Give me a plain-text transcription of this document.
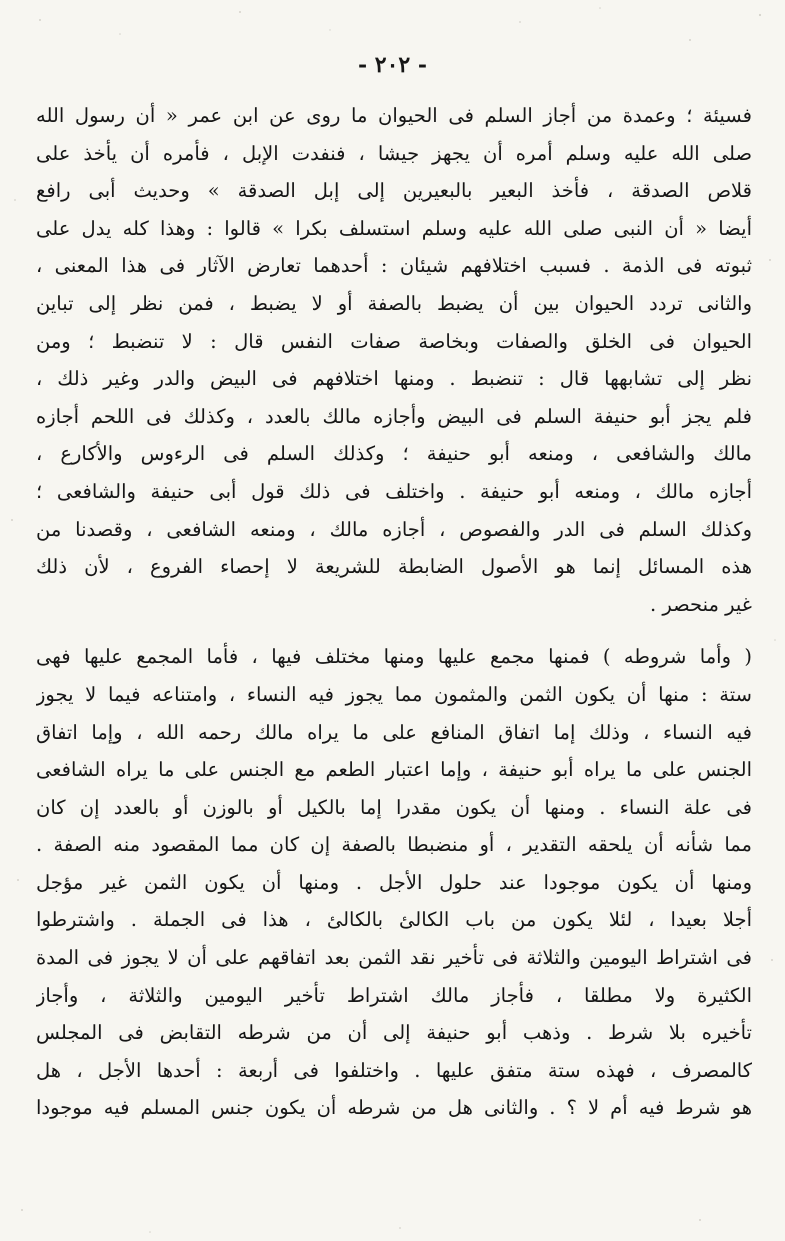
- ٢٠٢ -
فسيئة ؛ وعمدة من أجاز السلم فى الحيوان ما روى عن ابن عمر « أن رسول الله
صلى الله عليه وسلم أمره أن يجهز جيشا ، فنفدت الإبل ، فأمره أن يأخذ على
قلاص الصدقة ، فأخذ البعير بالبعيرين إلى إبل الصدقة » وحديث أبى رافع
أيضا « أن النبى صلى الله عليه وسلم استسلف بكرا » قالوا : وهذا كله يدل على
ثبوته فى الذمة . فسبب اختلافهم شيئان : أحدهما تعارض الآثار فى هذا المعنى ،
والثانى تردد الحيوان بين أن يضبط بالصفة أو لا يضبط ، فمن نظر إلى تباين
الحيوان فى الخلق والصفات وبخاصة صفات النفس قال : لا تنضبط ؛ ومن
نظر إلى تشابهها قال : تنضبط . ومنها اختلافهم فى البيض والدر وغير ذلك ،
فلم يجز أبو حنيفة السلم فى البيض وأجازه مالك بالعدد ، وكذلك فى اللحم أجازه
مالك والشافعى ، ومنعه أبو حنيفة ؛ وكذلك السلم فى الرءوس والأكارع ،
أجازه مالك ، ومنعه أبو حنيفة . واختلف فى ذلك قول أبى حنيفة والشافعى ؛
وكذلك السلم فى الدر والفصوص ، أجازه مالك ، ومنعه الشافعى ، وقصدنا من
هذه المسائل إنما هو الأصول الضابطة للشريعة لا إحصاء الفروع ، لأن ذلك
غير منحصر .
( وأما شروطه ) فمنها مجمع عليها ومنها مختلف فيها ، فأما المجمع عليها فهى
ستة : منها أن يكون الثمن والمثمون مما يجوز فيه النساء ، وامتناعه فيما لا يجوز
فيه النساء ، وذلك إما اتفاق المنافع على ما يراه مالك رحمه الله ، وإما اتفاق
الجنس على ما يراه أبو حنيفة ، وإما اعتبار الطعم مع الجنس على ما يراه الشافعى
فى علة النساء . ومنها أن يكون مقدرا إما بالكيل أو بالوزن أو بالعدد إن كان
مما شأنه أن يلحقه التقدير ، أو منضبطا بالصفة إن كان مما المقصود منه الصفة .
ومنها أن يكون موجودا عند حلول الأجل . ومنها أن يكون الثمن غير مؤجل
أجلا بعيدا ، لئلا يكون من باب الكالئ بالكالئ ، هذا فى الجملة . واشترطوا
فى اشتراط اليومين والثلاثة فى تأخير نقد الثمن بعد اتفاقهم على أن لا يجوز فى المدة
الكثيرة ولا مطلقا ، فأجاز مالك اشتراط تأخير اليومين والثلاثة ، وأجاز
تأخيره بلا شرط . وذهب أبو حنيفة إلى أن من شرطه التقابض فى المجلس
كالمصرف ، فهذه ستة متفق عليها . واختلفوا فى أربعة : أحدها الأجل ، هل
هو شرط فيه أم لا ؟ . والثانى هل من شرطه أن يكون جنس المسلم فيه موجودا
